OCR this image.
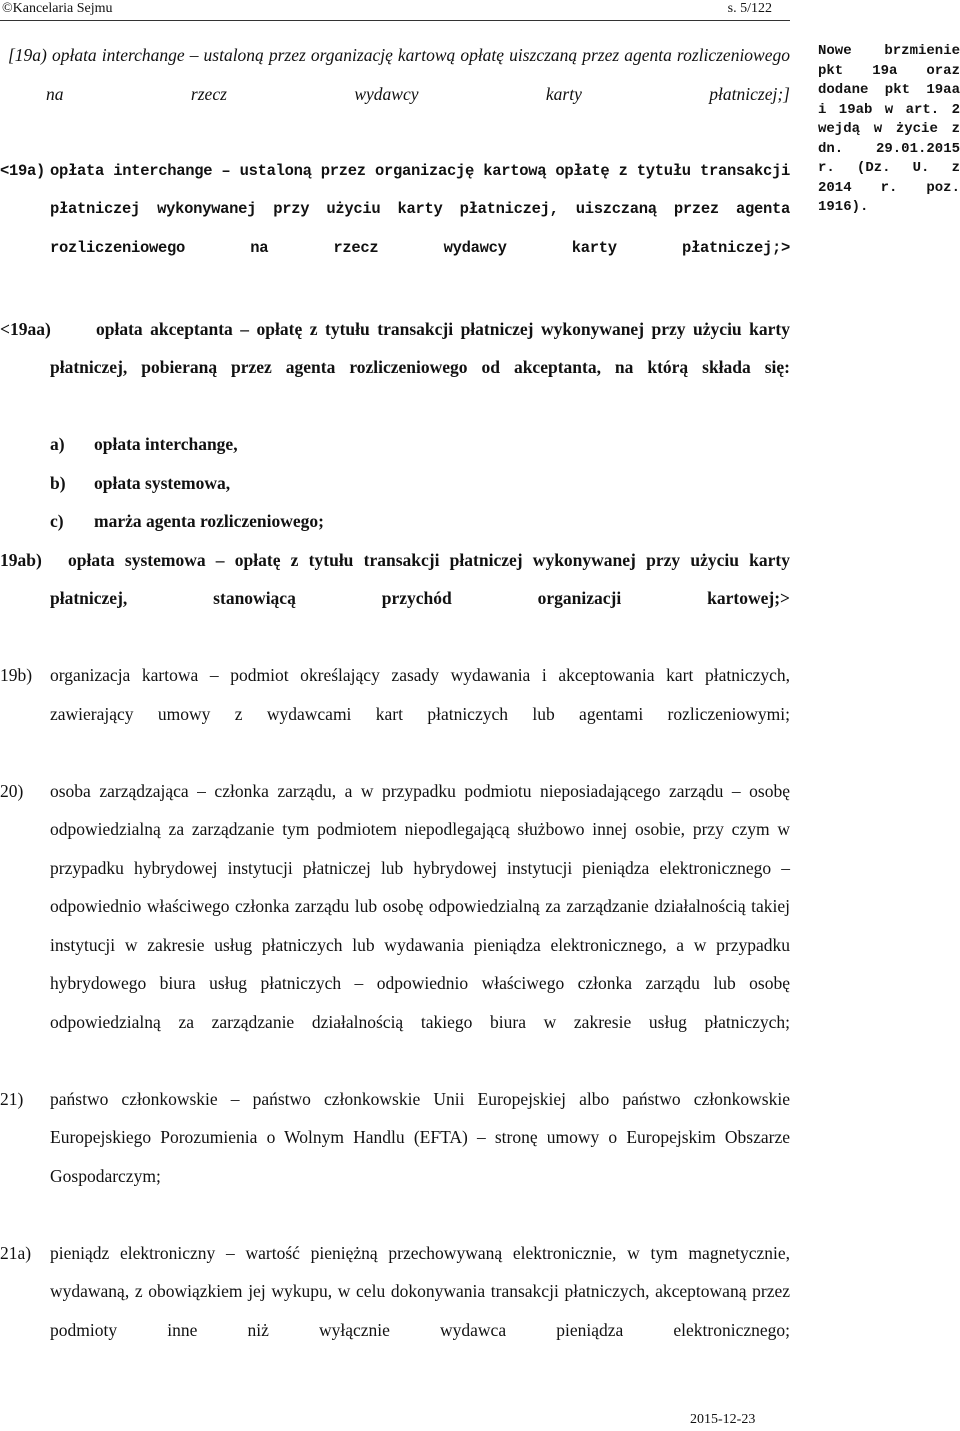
©Kancelaria Sejmu	s. 5/122
[19a) opłata interchange – ustaloną przez organizację kartową opłatę uiszczaną przez agenta rozliczeniowego na rzecz wydawcy karty płatniczej;]
<19a) opłata interchange – ustaloną przez organizację kartową opłatę z tytułu transakcji płatniczej wykonywanej przy użyciu karty płatniczej, uiszczaną przez agenta rozliczeniowego na rzecz wydawcy karty płatniczej;>
<19aa)	opłata akceptanta – opłatę z tytułu transakcji płatniczej wykonywanej przy użyciu karty płatniczej, pobieraną przez agenta rozliczeniowego od akceptanta, na którą składa się:
a) opłata interchange,
b) opłata systemowa,
c) marża agenta rozliczeniowego;
19ab)	opłata systemowa – opłatę z tytułu transakcji płatniczej wykonywanej przy użyciu karty płatniczej, stanowiącą przychód organizacji kartowej;>
19b)	organizacja kartowa – podmiot określający zasady wydawania i akceptowania kart płatniczych, zawierający umowy z wydawcami kart płatniczych lub agentami rozliczeniowymi;
20)	osoba zarządzająca – członka zarządu, a w przypadku podmiotu nieposiadającego zarządu – osobę odpowiedzialną za zarządzanie tym podmiotem niepodlegającą służbowo innej osobie, przy czym w przypadku hybrydowej instytucji płatniczej lub hybrydowej instytucji pieniądza elektronicznego – odpowiednio właściwego członka zarządu lub osobę odpowiedzialną za zarządzanie działalnością takiej instytucji w zakresie usług płatniczych lub wydawania pieniądza elektronicznego, a w przypadku hybrydowego biura usług płatniczych – odpowiednio właściwego członka zarządu lub osobę odpowiedzialną za zarządzanie działalnością takiego biura w zakresie usług płatniczych;
21)	państwo członkowskie – państwo członkowskie Unii Europejskiej albo państwo członkowskie Europejskiego Porozumienia o Wolnym Handlu (EFTA) – stronę umowy o Europejskim Obszarze Gospodarczym;
21a)	pieniądz elektroniczny – wartość pieniężną przechowywaną elektronicznie, w tym magnetycznie, wydawaną, z obowiązkiem jej wykupu, w celu dokonywania transakcji płatniczych, akceptowaną przez podmioty inne niż wyłącznie wydawca pieniądza elektronicznego;
Nowe brzmienie pkt 19a oraz dodane pkt 19aa i 19ab w art. 2 wejdą w życie z dn. 29.01.2015 r. (Dz. U. z 2014 r. poz. 1916).
2015-12-23
